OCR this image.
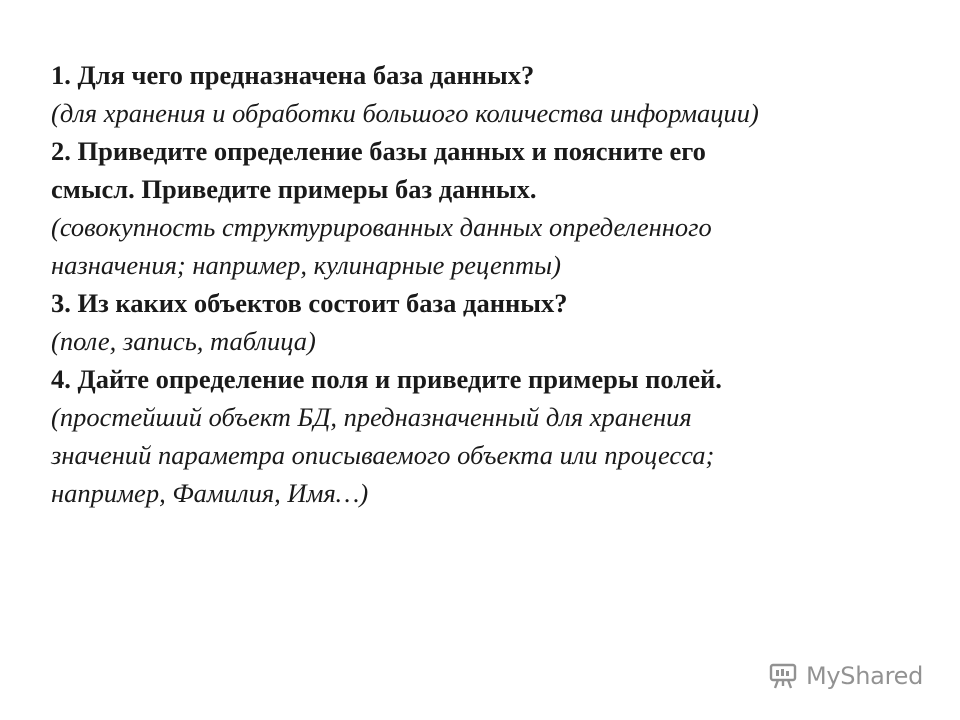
1. Для чего предназначена база данных?

(для хранения и обработки большого количества информации)

2. Приведите определение базы данных и поясните его
смысл. Приведите примеры баз данных.

(совокупность структурированных данных определенного
назначения; например, кулинарные рецепты)

3. Из каких объектов состоит база данных?

(поле, запись, таблица)

4. Дайте определение поля и приведите примеры полей.

(простейший объект БД, предназначенный для хранения
значений параметра описываемого объекта или процесса;
например, Фамилия, Имя…)

MyShared
